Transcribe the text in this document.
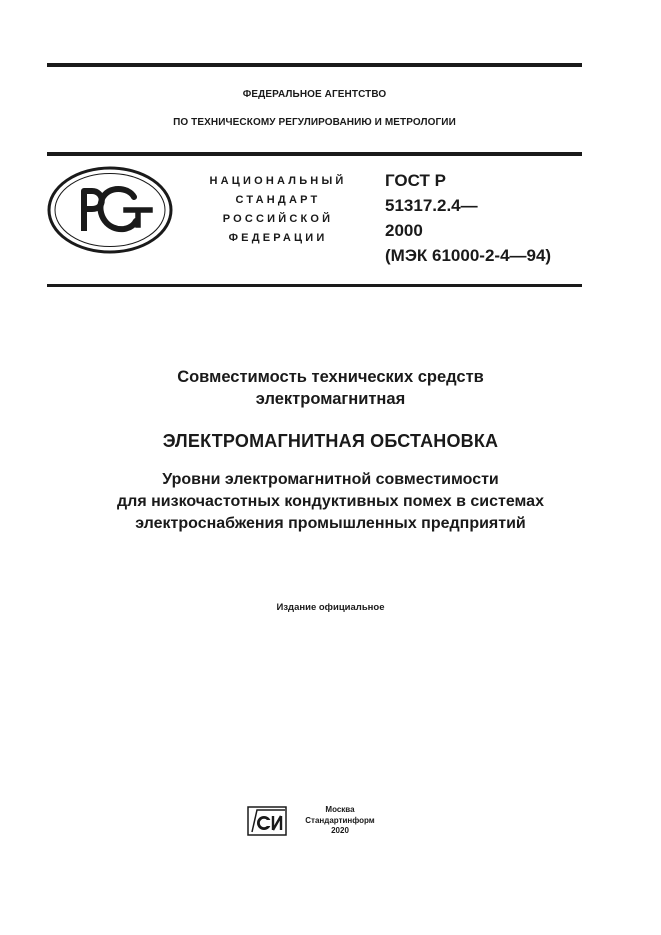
ФЕДЕРАЛЬНОЕ АГЕНТСТВО
ПО ТЕХНИЧЕСКОМУ РЕГУЛИРОВАНИЮ И МЕТРОЛОГИИ
НАЦИОНАЛЬНЫЙ
СТАНДАРТ
РОССИЙСКОЙ
ФЕДЕРАЦИИ
ГОСТ Р
51317.2.4—
2000
(МЭК 61000-2-4—94)
Совместимость технических средств
электромагнитная
ЭЛЕКТРОМАГНИТНАЯ ОБСТАНОВКА
Уровни электромагнитной совместимости
для низкочастотных кондуктивных помех в системах
электроснабжения промышленных предприятий
Издание официальное
Москва
Стандартинформ
2020
